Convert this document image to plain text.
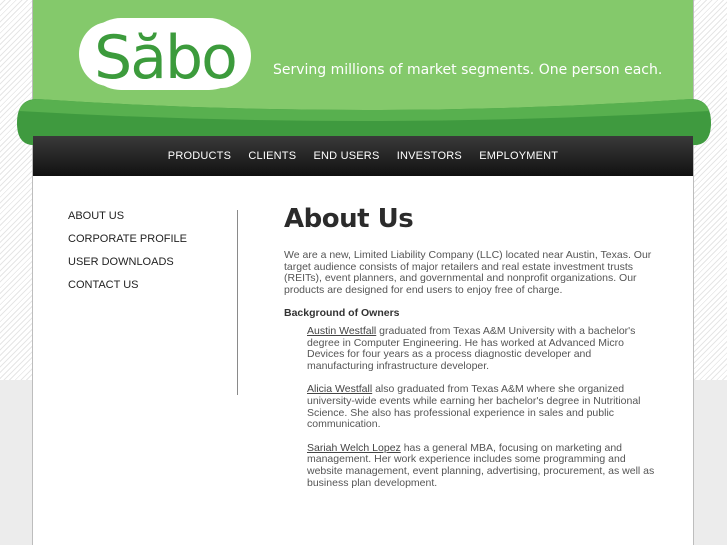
Săbo	Serving millions of market segments. One person each.
PRODUCTS CLIENTS END USERS INVESTORS EMPLOYMENT
ABOUT US
CORPORATE PROFILE
USER DOWNLOADS
CONTACT US
About Us

We are a new, Limited Liability Company (LLC) located near Austin, Texas. Our target audience consists of major retailers and real estate investment trusts (REITs), event planners, and governmental and nonprofit organizations. Our products are designed for end users to enjoy free of charge.

Background of Owners

Austin Westfall graduated from Texas A&M University with a bachelor's degree in Computer Engineering. He has worked at Advanced Micro Devices for four years as a process diagnostic developer and manufacturing infrastructure developer.
Alicia Westfall also graduated from Texas A&M where she organized university-wide events while earning her bachelor's degree in Nutritional Science. She also has professional experience in sales and public communication.
Sariah Welch Lopez has a general MBA, focusing on marketing and management. Her work experience includes some programming and website management, event planning, advertising, procurement, as well as business plan development.
